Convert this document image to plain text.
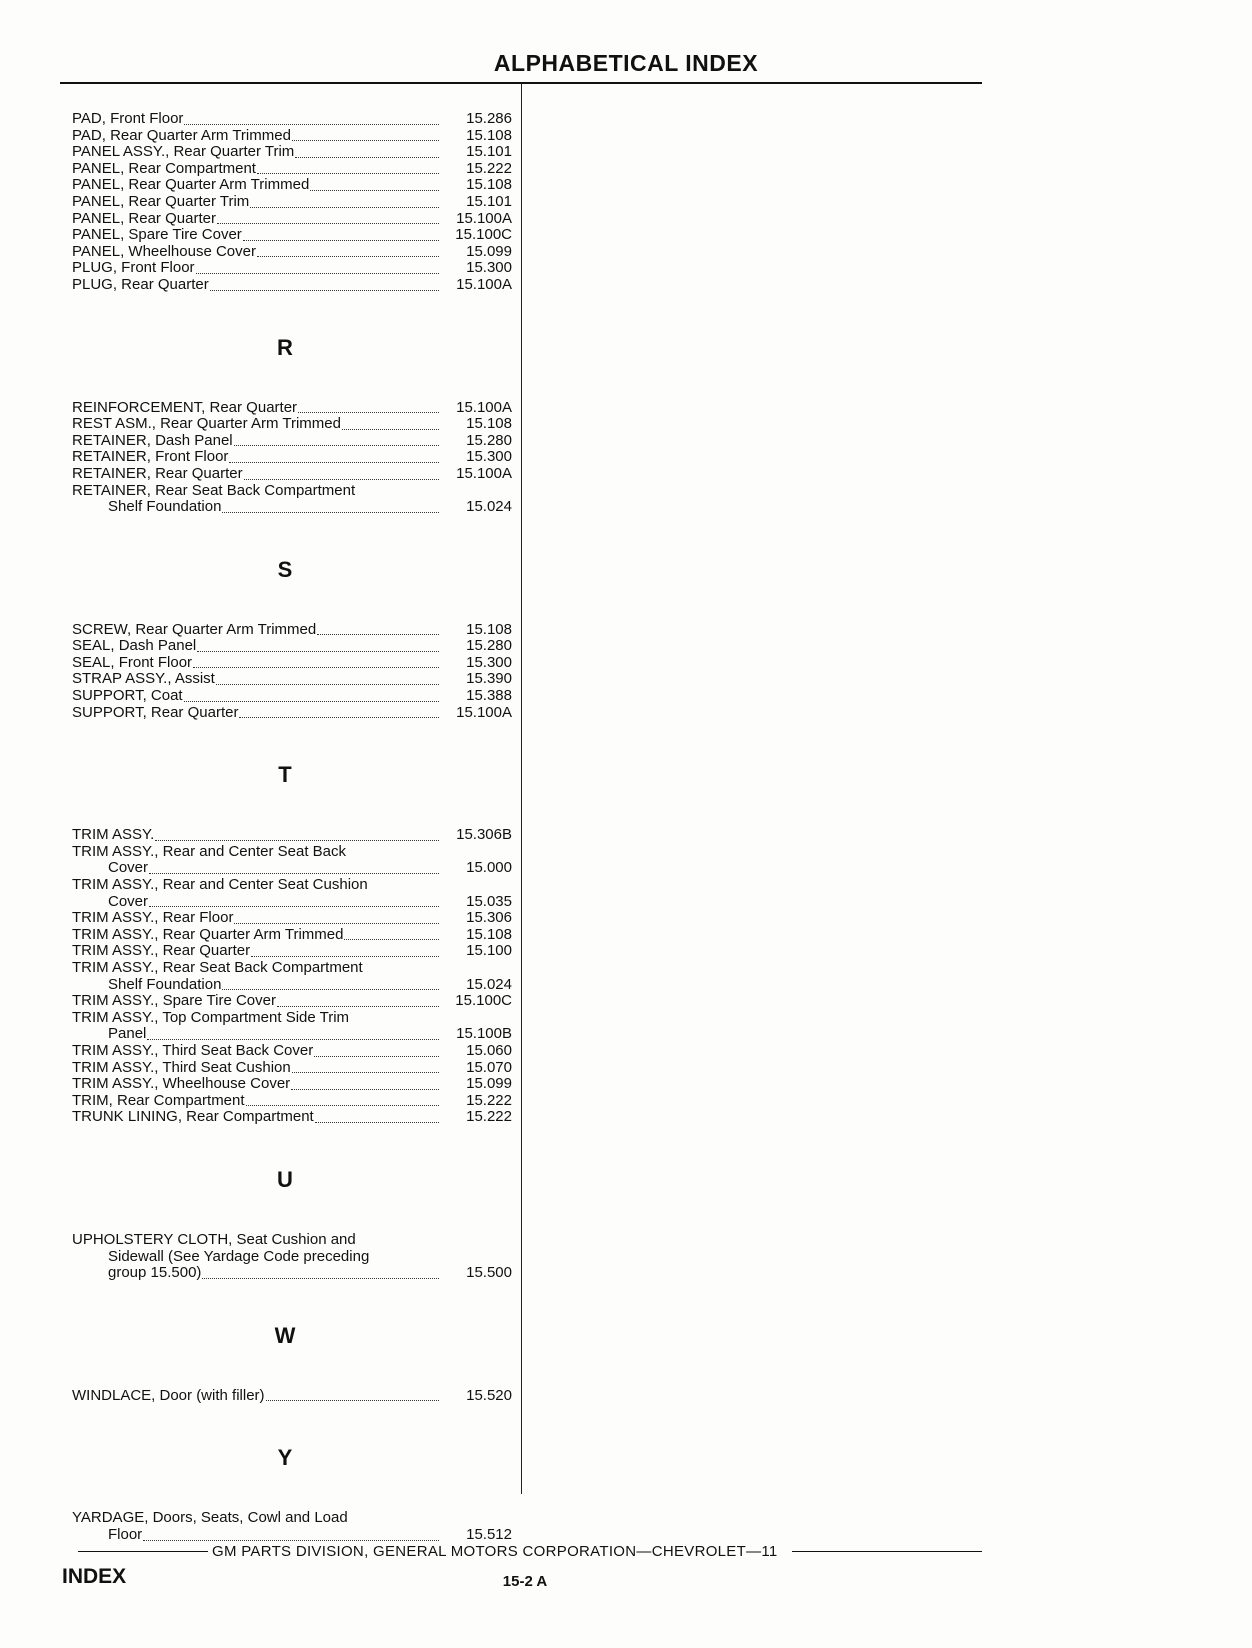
ALPHABETICAL INDEX
PAD, Front Floor	15.286
PAD, Rear Quarter Arm Trimmed	15.108
PANEL ASSY., Rear Quarter Trim	15.101
PANEL, Rear Compartment	15.222
PANEL, Rear Quarter Arm Trimmed	15.108
PANEL, Rear Quarter Trim	15.101
PANEL, Rear Quarter	15.100A
PANEL, Spare Tire Cover	15.100C
PANEL, Wheelhouse Cover	15.099
PLUG, Front Floor	15.300
PLUG, Rear Quarter	15.100A
R
REINFORCEMENT, Rear Quarter	15.100A
REST ASM., Rear Quarter Arm Trimmed	15.108
RETAINER, Dash Panel	15.280
RETAINER, Front Floor	15.300
RETAINER, Rear Quarter	15.100A
RETAINER, Rear Seat Back Compartment
Shelf Foundation	15.024
S
SCREW, Rear Quarter Arm Trimmed	15.108
SEAL, Dash Panel	15.280
SEAL, Front Floor	15.300
STRAP ASSY., Assist	15.390
SUPPORT, Coat	15.388
SUPPORT, Rear Quarter	15.100A
T
TRIM ASSY.	15.306B
TRIM ASSY., Rear and Center Seat Back
Cover	15.000
TRIM ASSY., Rear and Center Seat Cushion
Cover	15.035
TRIM ASSY., Rear Floor	15.306
TRIM ASSY., Rear Quarter Arm Trimmed	15.108
TRIM ASSY., Rear Quarter	15.100
TRIM ASSY., Rear Seat Back Compartment
Shelf Foundation	15.024
TRIM ASSY., Spare Tire Cover	15.100C
TRIM ASSY., Top Compartment Side Trim
Panel	15.100B
TRIM ASSY., Third Seat Back Cover	15.060
TRIM ASSY., Third Seat Cushion	15.070
TRIM ASSY., Wheelhouse Cover	15.099
TRIM, Rear Compartment	15.222
TRUNK LINING, Rear Compartment	15.222
U
UPHOLSTERY CLOTH, Seat Cushion and
Sidewall (See Yardage Code preceding
group 15.500)	15.500
W
WINDLACE, Door (with filler)	15.520
Y
YARDAGE, Doors, Seats, Cowl and Load
Floor	15.512
GM PARTS DIVISION, GENERAL MOTORS CORPORATION—CHEVROLET—11
INDEX	15-2 A
